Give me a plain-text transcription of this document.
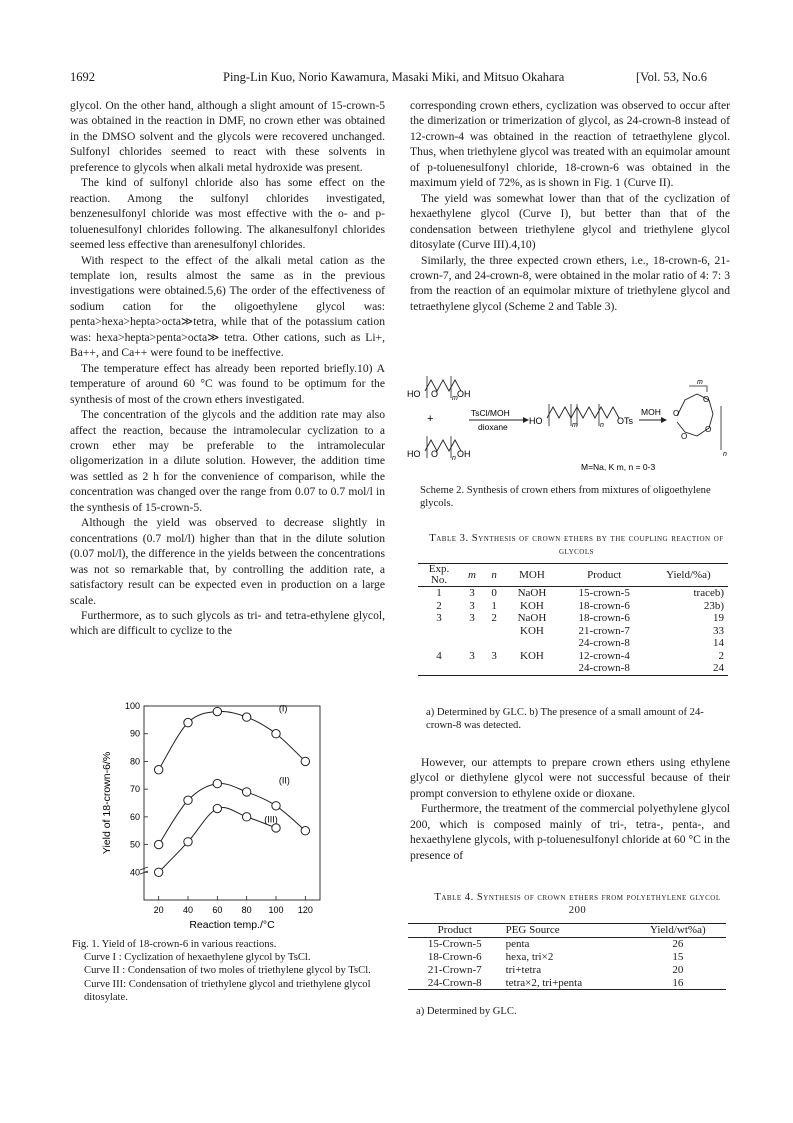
1692	Ping-Lin Kuo, Norio Kawamura, Masaki Miki, and Mitsuo Okahara	[Vol. 53, No.6

glycol. On the other hand, although a slight amount of 15-crown-5 was obtained in the reaction in DMF, no crown ether was obtained in the DMSO solvent and the glycols were recovered unchanged. Sulfonyl chlorides seemed to react with these solvents in preference to glycols when alkali metal hydroxide was present.

The kind of sulfonyl chloride also has some effect on the reaction. Among the sulfonyl chlorides investigated, benzenesulfonyl chloride was most effective with the o- and p-toluenesulfonyl chlorides following. The alkanesulfonyl chlorides seemed less effective than arenesulfonyl chlorides.

With respect to the effect of the alkali metal cation as the template ion, results almost the same as in the previous investigations were obtained.5,6) The order of the effectiveness of sodium cation for the oligoethylene glycol was: penta>hexa>hepta>octa≫tetra, while that of the potassium cation was: hexa>hepta>penta>octa≫ tetra. Other cations, such as Li+, Ba++, and Ca++ were found to be ineffective.

The temperature effect has already been reported briefly.10) A temperature of around 60 °C was found to be optimum for the synthesis of most of the crown ethers investigated.

The concentration of the glycols and the addition rate may also affect the reaction, because the intramolecular cyclization to a crown ether may be preferable to the intramolecular oligomerization in a dilute solution. However, the addition time was settled as 2 h for the convenience of comparison, while the concentration was changed over the range from 0.07 to 0.7 mol/l in the synthesis of 15-crown-5.

Although the yield was observed to decrease slightly in concentrations (0.7 mol/l) higher than that in the dilute solution (0.07 mol/l), the difference in the yields between the concentrations was not so remarkable that, by controlling the addition rate, a satisfactory result can be expected even in production on a large scale.

Furthermore, as to such glycols as tri- and tetra-ethylene glycol, which are difficult to cyclize to the

40
50
60
70
80
90
100
20 40 60 80 100 120
Reaction temp./°C
Yield of 18-crown-6/%
(I)
(II)
(III)
Fig. 1. Yield of 18-crown-6 in various reactions.
Curve I : Cyclization of hexaethylene glycol by TsCl.
Curve II : Condensation of two moles of triethylene glycol by TsCl.
Curve III: Condensation of triethylene glycol and triethylene glycol ditosylate.

corresponding crown ethers, cyclization was observed to occur after the dimerization or trimerization of glycol, as 24-crown-8 instead of 12-crown-4 was obtained in the reaction of tetraethylene glycol. Thus, when triethylene glycol was treated with an equimolar amount of p-toluenesulfonyl chloride, 18-crown-6 was obtained in the maximum yield of 72%, as is shown in Fig. 1 (Curve II).

The yield was somewhat lower than that of the cyclization of hexaethylene glycol (Curve I), but better than that of the condensation between triethylene glycol and triethylene glycol ditosylate (Curve III).4,10)

Similarly, the three expected crown ethers, i.e., 18-crown-6, 21-crown-7, and 24-crown-8, were obtained in the molar ratio of 4: 7: 3 from the reaction of an equimolar mixture of triethylene glycol and tetraethylene glycol (Scheme 2 and Table 3).

HO O m OH
+
HO O n OH
TsCl/MOH
dioxane
HO	m	n OTs
MOH O
O
O
O
m
n
M=Na, K m, n = 0-3
Scheme 2. Synthesis of crown ethers from mixtures of oligoethylene glycols.
Table 3. Synthesis of crown ethers by the coupling reaction of glycols
Exp. No.	m	n	MOH	Product	Yield/%a)
1	3	0	NaOH	15-crown-5	traceb)
2	3	1	KOH	18-crown-6	23b)
3	3	2	NaOH	18-crown-6	19
			KOH	21-crown-7	33
				24-crown-8	14
4	3	3	KOH	12-crown-4	2
				24-crown-8	24
a) Determined by GLC. b) The presence of a small amount of 24-crown-8 was detected.

However, our attempts to prepare crown ethers using ethylene glycol or diethylene glycol were not successful because of their prompt conversion to ethylene oxide or dioxane.

Furthermore, the treatment of the commercial polyethylene glycol 200, which is composed mainly of tri-, tetra-, penta-, and hexaethylene glycols, with p-toluenesulfonyl chloride at 60 °C in the presence of

Table 4. Synthesis of crown ethers from polyethylene glycol 200
Product	PEG Source	Yield/wt%a)
15-Crown-5	penta	26
18-Crown-6	hexa, tri×2	15
21-Crown-7	tri+tetra	20
24-Crown-8	tetra×2, tri+penta	16
a) Determined by GLC.
